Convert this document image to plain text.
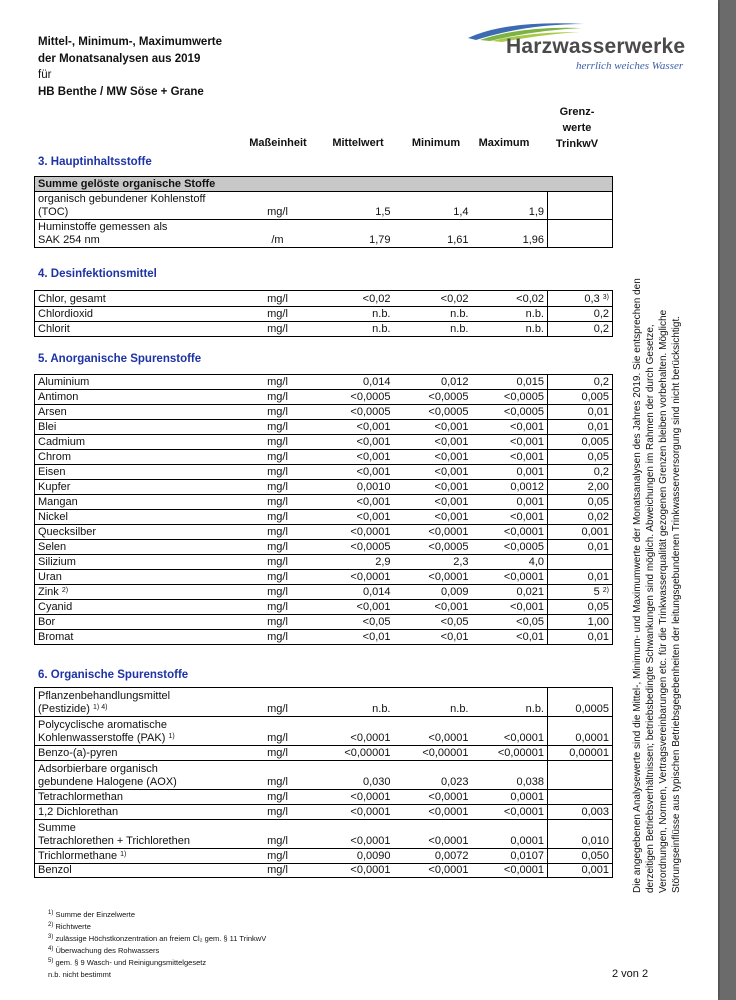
Mittel-, Minimum-, Maximumwerte
der Monatsanalysen aus 2019
für
HB Benthe / MW Söse + Grane
Harzwasserwerke
herrlich weiches Wasser
Maßeinheit	Mittelwert	Minimum	Maximum
Grenz-
werte
TrinkwV
3. Hauptinhaltsstoffe
Summe gelöste organische Stoffe					

organisch gebundener Kohlenstoff
(TOC)	mg/l	1,5	1,4	1,9	

Huminstoffe gemessen als
SAK 254 nm	/m	1,79	1,61	1,96	
4. Desinfektionsmittel
Chlor, gesamt	mg/l	<0,02	<0,02	<0,02	0,3 $^{3)}$
Chlordioxid	mg/l	n.b.	n.b.	n.b.	0,2
Chlorit	mg/l	n.b.	n.b.	n.b.	0,2
5. Anorganische Spurenstoffe
Aluminium	mg/l	0,014	0,012	0,015	0,2
Antimon	mg/l	<0,0005	<0,0005	<0,0005	0,005
Arsen	mg/l	<0,0005	<0,0005	<0,0005	0,01
Blei	mg/l	<0,001	<0,001	<0,001	0,01
Cadmium	mg/l	<0,001	<0,001	<0,001	0,005
Chrom	mg/l	<0,001	<0,001	<0,001	0,05
Eisen	mg/l	<0,001	<0,001	0,001	0,2
Kupfer	mg/l	0,0010	<0,001	0,0012	2,00
Mangan	mg/l	<0,001	<0,001	0,001	0,05
Nickel	mg/l	<0,001	<0,001	<0,001	0,02
Quecksilber	mg/l	<0,0001	<0,0001	<0,0001	0,001
Selen	mg/l	<0,0005	<0,0005	<0,0005	0,01
Silizium	mg/l	2,9	2,3	4,0	
Uran	mg/l	<0,0001	<0,0001	<0,0001	0,01
Zink $^{2)}$	mg/l	0,014	0,009	0,021	5 $^{2)}$
Cyanid	mg/l	<0,001	<0,001	<0,001	0,05
Bor	mg/l	<0,05	<0,05	<0,05	1,00
Bromat	mg/l	<0,01	<0,01	<0,01	0,01
6. Organische Spurenstoffe
Pflanzenbehandlungsmittel
(Pestizide) $^{1) 4)}$	mg/l	n.b.	n.b.	n.b.	0,0005

Polycyclische aromatische
Kohlenwasserstoffe (PAK) $^{1)}$	mg/l	<0,0001	<0,0001	<0,0001	0,0001
Benzo-(a)-pyren	mg/l	<0,00001	<0,00001	<0,00001	0,00001

Adsorbierbare organisch
gebundene Halogene (AOX)	mg/l	0,030	0,023	0,038	
Tetrachlormethan	mg/l	<0,0001	<0,0001	0,0001	
1,2 Dichlorethan	mg/l	<0,0001	<0,0001	<0,0001	0,003

Summe
Tetrachlorethen + Trichlorethen	mg/l	<0,0001	<0,0001	0,0001	0,010
Trichlormethane $^{1)}$	mg/l	0,0090	0,0072	0,0107	0,050
Benzol	mg/l	<0,0001	<0,0001	<0,0001	0,001 Die angegebenen Analysewerte sind die Mittel-, Minimum- und Maximumwerte der Monatsanalysen des Jahres 2019. Sie entsprechen den derzeitigen Betriebsverhältnissen; betriebsbedingte Schwankungen sind möglich. Abweichungen im Rahmen der durch Gesetze, Verordnungen, Normen, Vertragsvereinbarungen etc. für die Trinkwasserqualität gezogenen Grenzen bleiben vorbehalten. Mögliche Störungseinflüsse aus typischen Betriebsgegebenheiten der leitungsgebundenen Trinkwasserversorgung sind nicht berücksichtigt.
$^{1)}$ Summe der Einzelwerte
$^{2)}$ Richtwerte
$^{3)}$ zulässige Höchstkonzentration an freiem Cl₂ gem. § 11 TrinkwV
$^{4)}$ Überwachung des Rohwassers
$^{5)}$ gem. § 9 Wasch- und Reinigungsmittelgesetz
n.b. nicht bestimmt	2 von 2
